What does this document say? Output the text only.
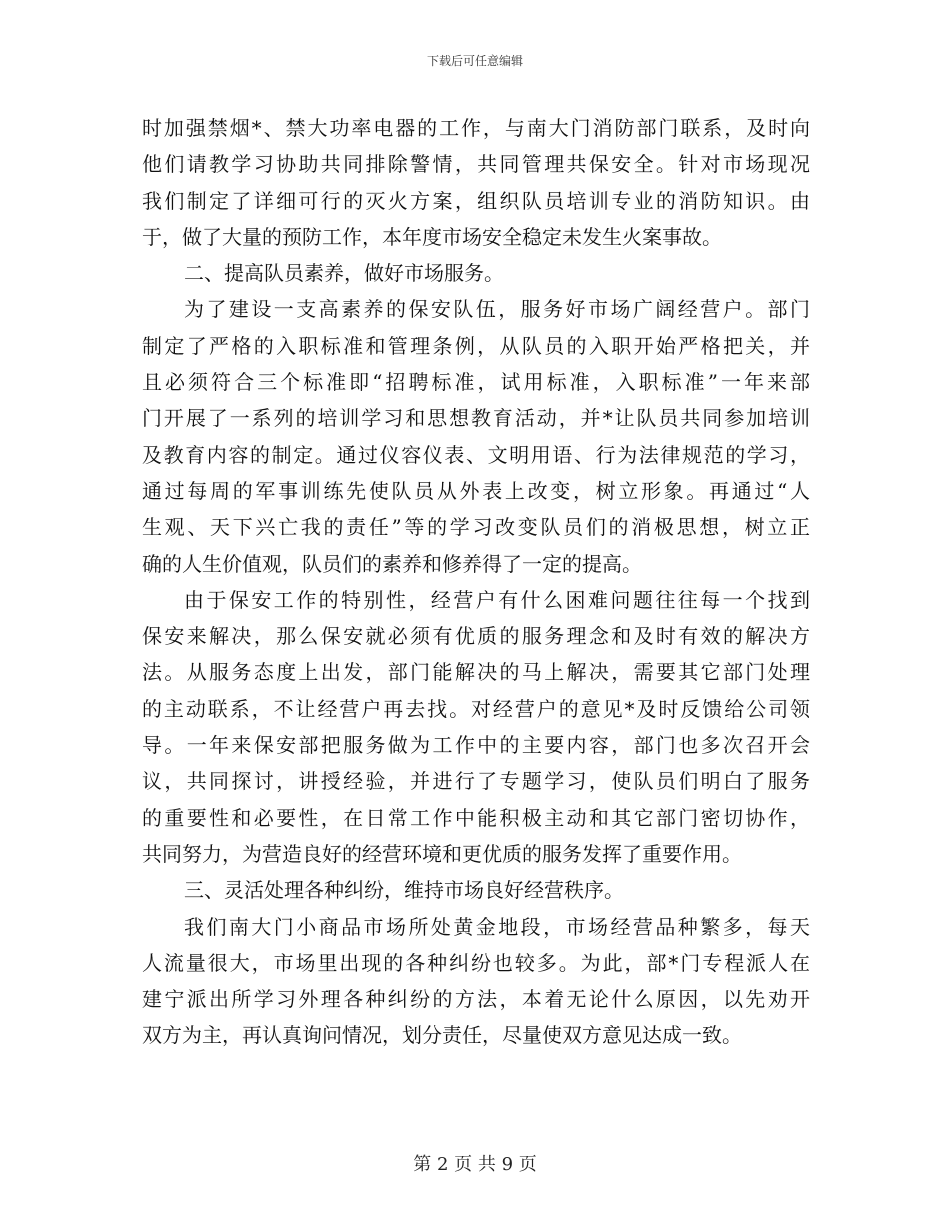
下载后可任意编辑
时加强禁烟*、禁大功率电器的工作，与南大门消防部门联系，及时向
他们请教学习协助共同排除警情，共同管理共保安全。针对市场现况
我们制定了详细可行的灭火方案，组织队员培训专业的消防知识。由
于，做了大量的预防工作，本年度市场安全稳定未发生火案事故。
二、提高队员素养，做好市场服务。
为了建设一支高素养的保安队伍，服务好市场广阔经营户。部门
制定了严格的入职标准和管理条例，从队员的入职开始严格把关，并
且必须符合三个标准即“招聘标准，试用标准，入职标准”一年来部
门开展了一系列的培训学习和思想教育活动，并*让队员共同参加培训
及教育内容的制定。通过仪容仪表、文明用语、行为法律规范的学习，
通过每周的军事训练先使队员从外表上改变，树立形象。再通过“人
生观、天下兴亡我的责任”等的学习改变队员们的消极思想，树立正
确的人生价值观，队员们的素养和修养得了一定的提高。
由于保安工作的特别性，经营户有什么困难问题往往每一个找到
保安来解决，那么保安就必须有优质的服务理念和及时有效的解决方
法。从服务态度上出发，部门能解决的马上解决，需要其它部门处理
的主动联系，不让经营户再去找。对经营户的意见*及时反馈给公司领
导。一年来保安部把服务做为工作中的主要内容，部门也多次召开会
议，共同探讨，讲授经验，并进行了专题学习，使队员们明白了服务
的重要性和必要性，在日常工作中能积极主动和其它部门密切协作，
共同努力，为营造良好的经营环境和更优质的服务发挥了重要作用。
三、灵活处理各种纠纷，维持市场良好经营秩序。
我们南大门小商品市场所处黄金地段，市场经营品种繁多，每天
人流量很大，市场里出现的各种纠纷也较多。为此，部*门专程派人在
建宁派出所学习外理各种纠纷的方法，本着无论什么原因，以先劝开
双方为主，再认真询问情况，划分责任，尽量使双方意见达成一致。
第 2 页 共 9 页
